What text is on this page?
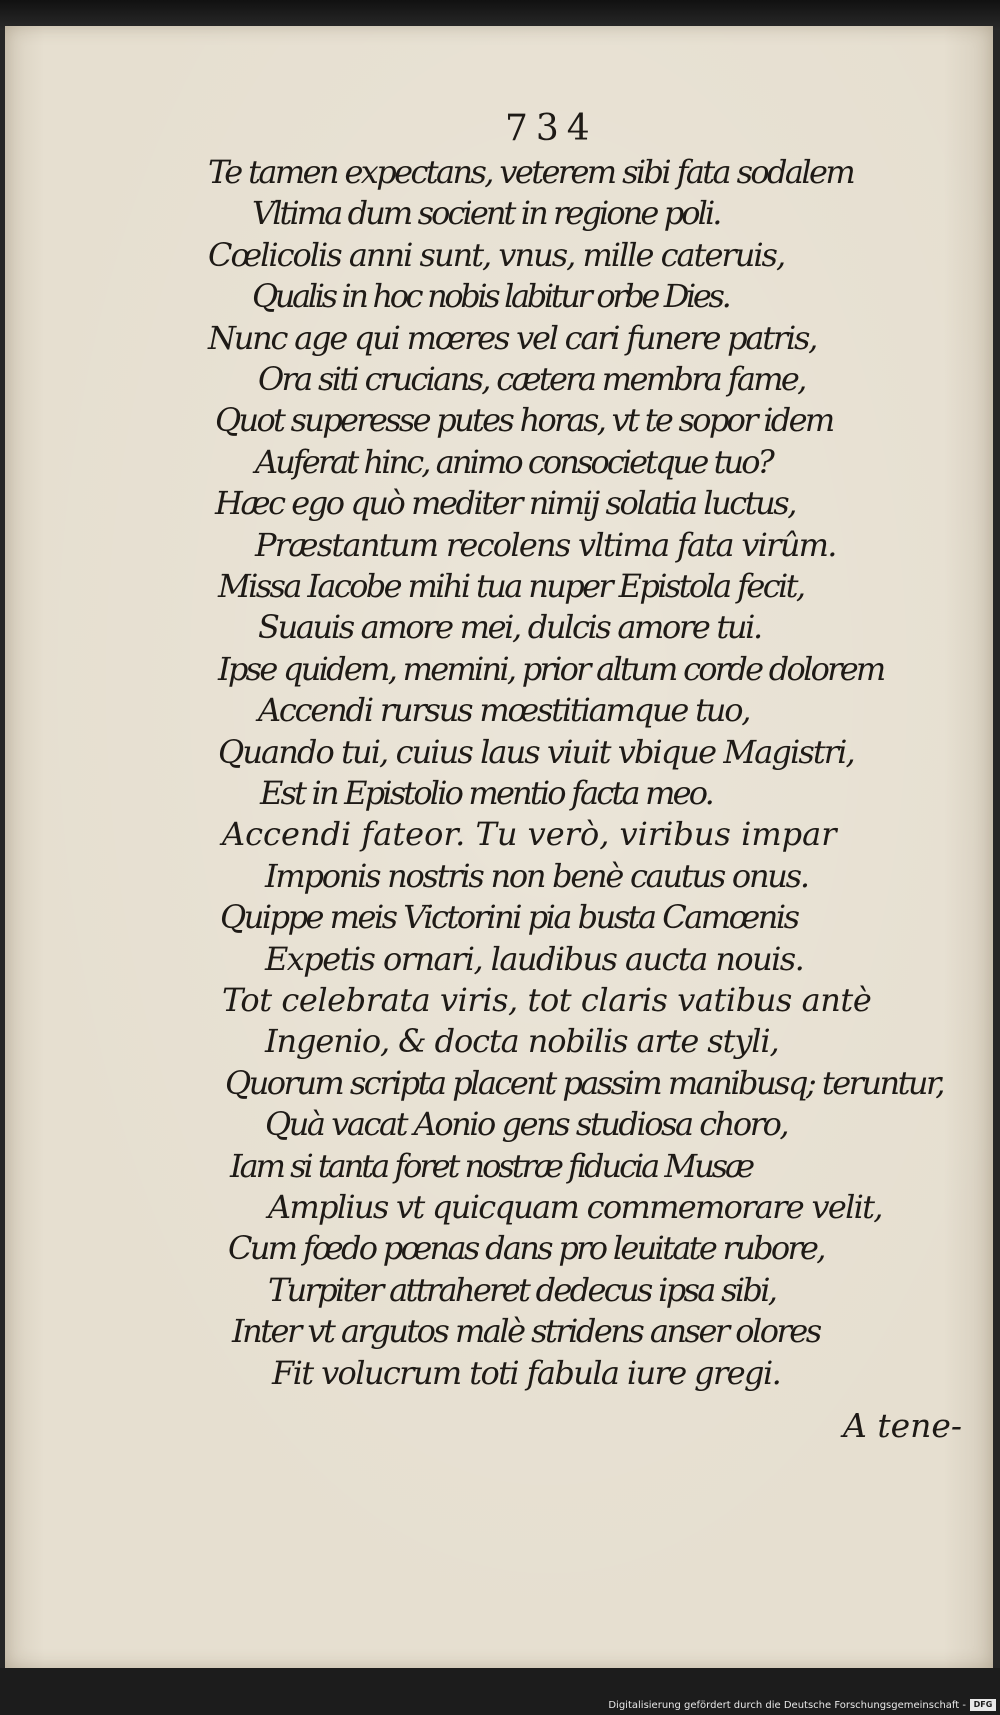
734
Te tamen expectans, veterem sibi fata sodalem
Vltima dum socient in regione poli.
Cœlicolis anni sunt, vnus, mille cateruis,
Qualis in hoc nobis labitur orbe Dies.
Nunc age qui mœres vel cari funere patris,
Ora siti crucians, cætera membra fame,
Quot superesse putes horas, vt te sopor idem
Auferat hinc, animo consocietque tuo?
Hæc ego quò mediter nimij solatia luctus,
Præstantum recolens vltima fata virûm.
Missa Iacobe mihi tua nuper Epistola fecit,
Suauis amore mei, dulcis amore tui.
Ipse quidem, memini, prior altum corde dolorem
Accendi rursus mœstitiamque tuo,
Quando tui, cuius laus viuit vbique Magistri,
Est in Epistolio mentio facta meo.
Accendi fateor. Tu verò, viribus impar
Imponis nostris non benè cautus onus.
Quippe meis Victorini pia busta Camœnis
Expetis ornari, laudibus aucta nouis.
Tot celebrata viris, tot claris vatibus antè
Ingenio, & docta nobilis arte styli,
Quorum scripta placent passim manibusq; teruntur,
Quà vacat Aonio gens studiosa choro,
Iam si tanta foret nostræ fiducia Musæ
Amplius vt quicquam commemorare velit,
Cum fœdo pœnas dans pro leuitate rubore,
Turpiter attraheret dedecus ipsa sibi,
Inter vt argutos malè stridens anser olores
Fit volucrum toti fabula iure gregi.
A tene-
Digitalisierung gefördert durch die Deutsche Forschungsgemeinschaft - DFG
